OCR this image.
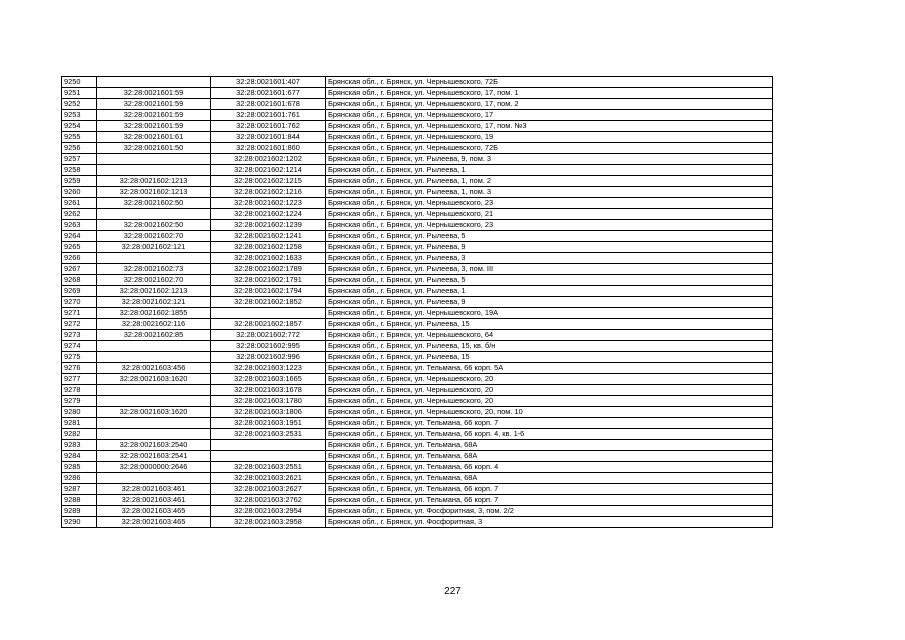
9250		32:28:0021601:407	Брянская обл., г. Брянск, ул. Чернышевского, 72Б
9251	32:28:0021601:59	32:28:0021601:677	Брянская обл., г. Брянск, ул. Чернышевского, 17, пом. 1
9252	32:28:0021601:59	32:28:0021601:678	Брянская обл., г. Брянск, ул. Чернышевского, 17, пом. 2
9253	32:28:0021601:59	32:28:0021601:761	Брянская обл., г. Брянск, ул. Чернышевского, 17
9254	32:28:0021601:59	32:28:0021601:762	Брянская обл., г. Брянск, ул. Чернышевского, 17, пом. №3
9255	32:28:0021601:61	32:28:0021601:844	Брянская обл., г. Брянск, ул. Чернышевского, 19
9256	32:28:0021601:50	32:28:0021601:860	Брянская обл., г. Брянск, ул. Чернышевского, 72Б
9257		32:28:0021602:1202	Брянская обл., г. Брянск, ул. Рылеева, 9, пом. 3
9258		32:28:0021602:1214	Брянская обл., г. Брянск, ул. Рылеева, 1
9259	32:28:0021602:1213	32:28:0021602:1215	Брянская обл., г. Брянск, ул. Рылеева, 1, пом. 2
9260	32:28:0021602:1213	32:28:0021602:1216	Брянская обл., г. Брянск, ул. Рылеева, 1, пом. 3
9261	32:28:0021602:50	32:28:0021602:1223	Брянская обл., г. Брянск, ул. Чернышевского, 23
9262		32:28:0021602:1224	Брянская обл., г. Брянск, ул. Чернышевского, 21
9263	32:28:0021602:50	32:28:0021602:1239	Брянская обл., г. Брянск, ул. Чернышевского, 23
9264	32:28:0021602:70	32:28:0021602:1241	Брянская обл., г. Брянск, ул. Рылеева, 5
9265	32:28:0021602:121	32:28:0021602:1258	Брянская обл., г. Брянск, ул. Рылеева, 9
9266		32:28:0021602:1633	Брянская обл., г. Брянск, ул. Рылеева, 3
9267	32:28:0021602:73	32:28:0021602:1789	Брянская обл., г. Брянск, ул. Рылеева, 3, пом. III
9268	32:28:0021602:70	32:28:0021602:1791	Брянская обл., г. Брянск, ул. Рылеева, 5
9269	32:28:0021602:1213	32:28:0021602:1794	Брянская обл., г. Брянск, ул. Рылеева, 1
9270	32:28:0021602:121	32:28:0021602:1852	Брянская обл., г. Брянск, ул. Рылеева, 9
9271	32:28:0021602:1855		Брянская обл., г. Брянск, ул. Чернышевского, 19А
9272	32:28:0021602:116	32:28:0021602:1857	Брянская обл., г. Брянск, ул. Рылеева, 15
9273	32:28:0021602:85	32:28:0021602:772	Брянская обл., г. Брянск, ул. Чернышевского, 64
9274		32:28:0021602:995	Брянская обл., г. Брянск, ул. Рылеева, 15, кв. б/н
9275		32:28:0021602:996	Брянская обл., г. Брянск, ул. Рылеева, 15
9276	32:28:0021603:456	32:28:0021603:1223	Брянская обл., г. Брянск, ул. Тельмана, 66 корп. 5А
9277	32:28:0021603:1620	32:28:0021603:1665	Брянская обл., г. Брянск, ул. Чернышевского, 20
9278		32:28:0021603:1678	Брянская обл., г. Брянск, ул. Чернышевского, 20
9279		32:28:0021603:1780	Брянская обл., г. Брянск, ул. Чернышевского, 20
9280	32:28:0021603:1620	32:28:0021603:1806	Брянская обл., г. Брянск, ул. Чернышевского, 20, пом. 10
9281		32:28:0021603:1951	Брянская обл., г. Брянск, ул. Тельмана, 66 корп. 7
9282		32:28:0021603:2531	Брянская обл., г. Брянск, ул. Тельмана, 66 корп. 4, кв. 1-6
9283	32:28:0021603:2540		Брянская обл., г. Брянск, ул. Тельмана, 68А
9284	32:28:0021603:2541		Брянская обл., г. Брянск, ул. Тельмана, 68А
9285	32:28:0000000:2646	32:28:0021603:2551	Брянская обл., г. Брянск, ул. Тельмана, 66 корп. 4
9286		32:28:0021603:2621	Брянская обл., г. Брянск, ул. Тельмана, 68А
9287	32:28:0021603:461	32:28:0021603:2627	Брянская обл., г. Брянск, ул. Тельмана, 66 корп. 7
9288	32:28:0021603:461	32:28:0021603:2762	Брянская обл., г. Брянск, ул. Тельмана, 66 корп. 7
9289	32:28:0021603:465	32:28:0021603:2954	Брянская обл., г. Брянск, ул. Фосфоритная, 3, пом. 2/2
9290	32:28:0021603:465	32:28:0021603:2958	Брянская обл., г. Брянск, ул. Фосфоритная, 3
227
